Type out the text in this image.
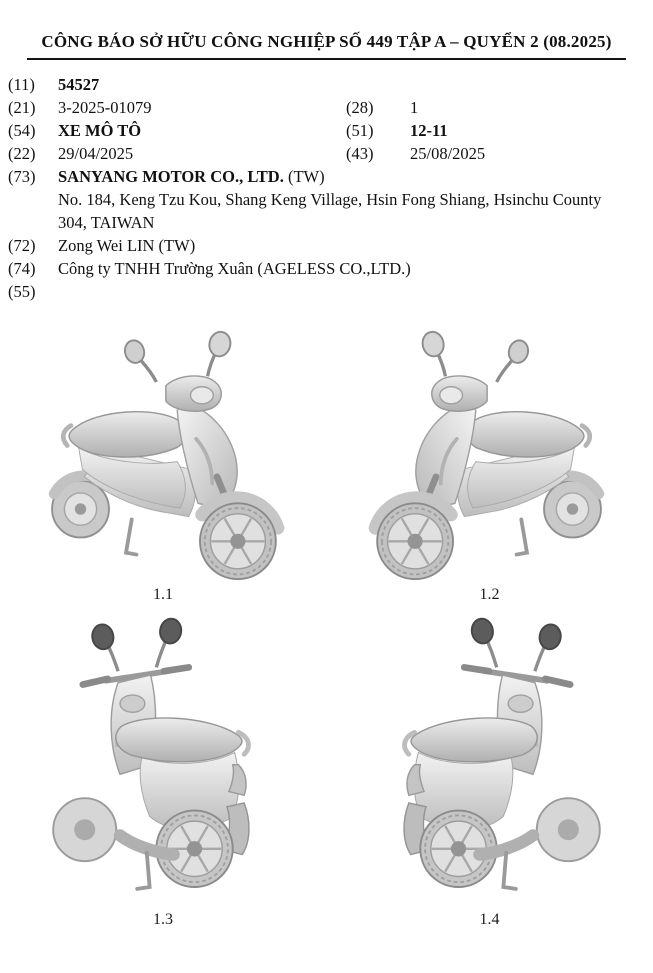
CÔNG BÁO SỞ HỮU CÔNG NGHIỆP SỐ 449 TẬP A – QUYỂN 2 (08.2025)
(11)	54527
(21)	3-2025-01079	(28)	1
(54)	XE MÔ TÔ	(51)	12-11
(22)	29/04/2025	(43)	25/08/2025
(73)	SANYANG MOTOR CO., LTD. (TW)
No. 184, Keng Tzu Kou, Shang Keng Village, Hsin Fong Shiang, Hsinchu County
304, TAIWAN
(72)	Zong Wei LIN (TW)
(74)	Công ty TNHH Trường Xuân (AGELESS CO.,LTD.)
(55)
1.1	1.2
1.3	1.4
